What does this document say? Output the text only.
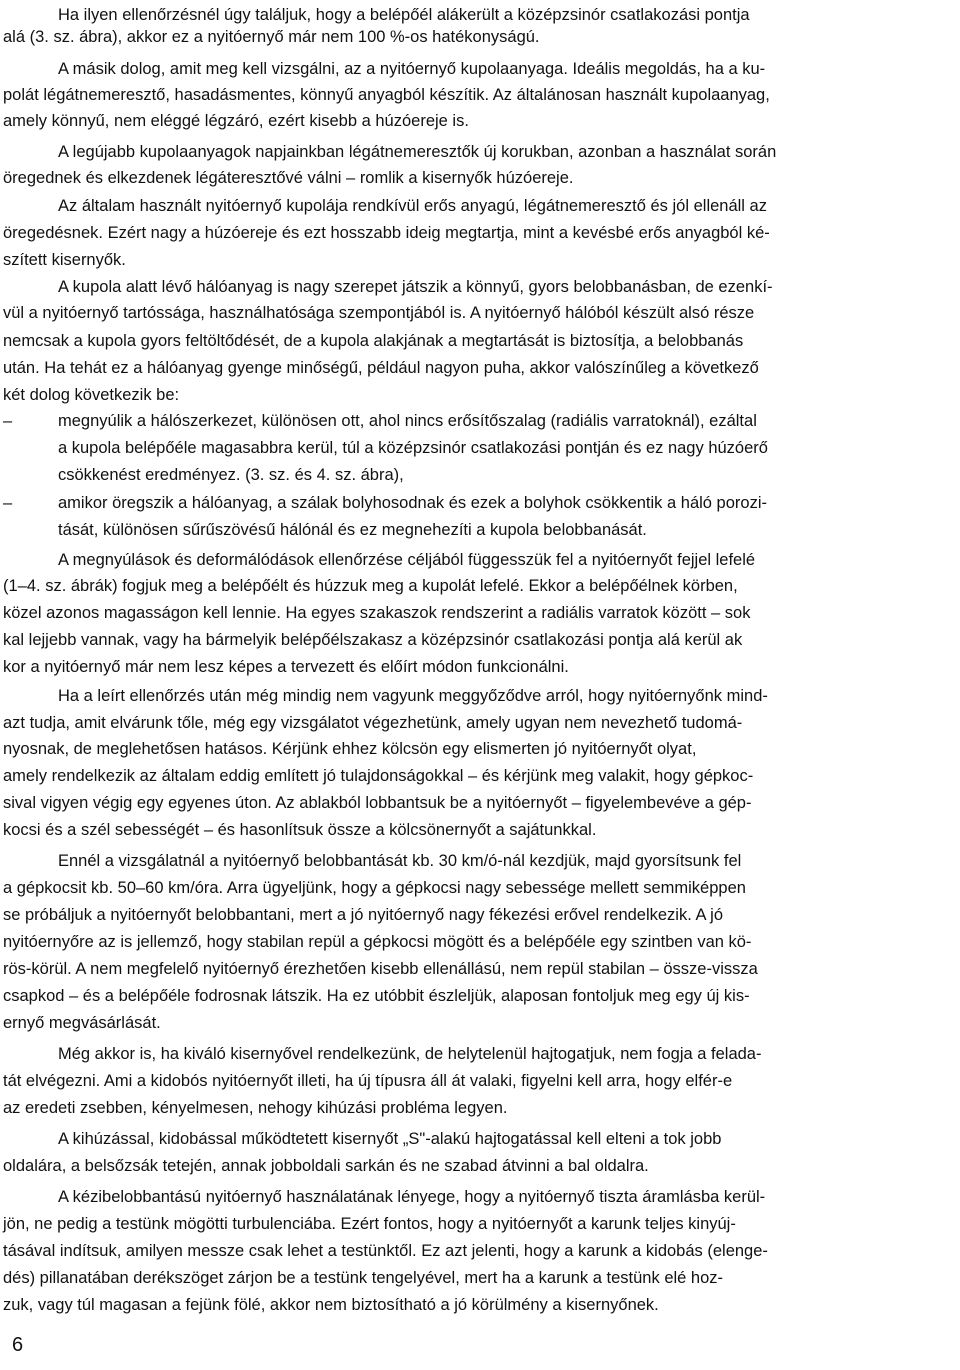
Ha ilyen ellenőrzésnél úgy találjuk, hogy a belépőél alákerült a középzsinór csatlakozási pontja
alá (3. sz. ábra), akkor ez a nyitóernyő már nem 100 %-os hatékonyságú.
A másik dolog, amit meg kell vizsgálni, az a nyitóernyő kupolaanyaga. Ideális megoldás, ha a ku-
polát légátnemeresztő, hasadásmentes, könnyű anyagból készítik. Az általánosan használt kupolaanyag,
amely könnyű, nem eléggé légzáró, ezért kisebb a húzóereje is.
A legújabb kupolaanyagok napjainkban légátnemeresztők új korukban, azonban a használat során
öregednek és elkezdenek légáteresztővé válni – romlik a kisernyők húzóereje.
Az általam használt nyitóernyő kupolája rendkívül erős anyagú, légátnemeresztő és jól ellenáll az
öregedésnek. Ezért nagy a húzóereje és ezt hosszabb ideig megtartja, mint a kevésbé erős anyagból ké-
szített kisernyők.
A kupola alatt lévő hálóanyag is nagy szerepet játszik a könnyű, gyors belobbanásban, de ezenkí-
vül a nyitóernyő tartóssága, használhatósága szempontjából is. A nyitóernyő hálóból készült alsó része
nemcsak a kupola gyors feltöltődését, de a kupola alakjának a megtartását is biztosítja, a belobbanás
után. Ha tehát ez a hálóanyag gyenge minőségű, például nagyon puha, akkor valószínűleg a következő
két dolog következik be:
–	megnyúlik a hálószerkezet, különösen ott, ahol nincs erősítőszalag (radiális varratoknál), ezáltal
a kupola belépőéle magasabbra kerül, túl a középzsinór csatlakozási pontján és ez nagy húzóerő
csökkenést eredményez. (3. sz. és 4. sz. ábra),
–	amikor öregszik a hálóanyag, a szálak bolyhosodnak és ezek a bolyhok csökkentik a háló porozi-
tását, különösen sűrűszövésű hálónál és ez megnehezíti a kupola belobbanását.
A megnyúlások és deformálódások ellenőrzése céljából függesszük fel a nyitóernyőt fejjel lefelé
(1–4. sz. ábrák) fogjuk meg a belépőélt és húzzuk meg a kupolát lefelé. Ekkor a belépőélnek körben,
közel azonos magasságon kell lennie. Ha egyes szakaszok rendszerint a radiális varratok között – sok
kal lejjebb vannak, vagy ha bármelyik belépőélszakasz a középzsinór csatlakozási pontja alá kerül ak
kor a nyitóernyő már nem lesz képes a tervezett és előírt módon funkcionálni.
Ha a leírt ellenőrzés után még mindig nem vagyunk meggyőződve arról, hogy nyitóernyőnk mind-
azt tudja, amit elvárunk tőle, még egy vizsgálatot végezhetünk, amely ugyan nem nevezhető tudomá-
nyosnak, de meglehetősen hatásos. Kérjünk ehhez kölcsön egy elismerten jó nyitóernyőt olyat,
amely rendelkezik az általam eddig említett jó tulajdonságokkal – és kérjünk meg valakit, hogy gépkoc-
sival vigyen végig egy egyenes úton. Az ablakból lobbantsuk be a nyitóernyőt – figyelembevéve a gép-
kocsi és a szél sebességét – és hasonlítsuk össze a kölcsönernyőt a sajátunkkal.
Ennél a vizsgálatnál a nyitóernyő belobbantását kb. 30 km/ó-nál kezdjük, majd gyorsítsunk fel
a gépkocsit kb. 50–60 km/óra. Arra ügyeljünk, hogy a gépkocsi nagy sebessége mellett semmiképpen
se próbáljuk a nyitóernyőt belobbantani, mert a jó nyitóernyő nagy fékezési erővel rendelkezik. A jó
nyitóernyőre az is jellemző, hogy stabilan repül a gépkocsi mögött és a belépőéle egy szintben van kö-
rös-körül. A nem megfelelő nyitóernyő érezhetően kisebb ellenállású, nem repül stabilan – össze-vissza
csapkod – és a belépőéle fodrosnak látszik. Ha ez utóbbit észleljük, alaposan fontoljuk meg egy új kis-
ernyő megvásárlását.
Még akkor is, ha kiváló kisernyővel rendelkezünk, de helytelenül hajtogatjuk, nem fogja a felada-
tát elvégezni. Ami a kidobós nyitóernyőt illeti, ha új típusra áll át valaki, figyelni kell arra, hogy elfér-e
az eredeti zsebben, kényelmesen, nehogy kihúzási probléma legyen.
A kihúzással, kidobással működtetett kisernyőt „S"-alakú hajtogatással kell elteni a tok jobb
oldalára, a belsőzsák tetején, annak jobboldali sarkán és ne szabad átvinni a bal oldalra.
A kézibelobbantású nyitóernyő használatának lényege, hogy a nyitóernyő tiszta áramlásba kerül-
jön, ne pedig a testünk mögötti turbulenciába. Ezért fontos, hogy a nyitóernyőt a karunk teljes kinyúj-
tásával indítsuk, amilyen messze csak lehet a testünktől. Ez azt jelenti, hogy a karunk a kidobás (elenge-
dés) pillanatában derékszöget zárjon be a testünk tengelyével, mert ha a karunk a testünk elé hoz-
zuk, vagy túl magasan a fejünk fölé, akkor nem biztosítható a jó körülmény a kisernyőnek.
6
